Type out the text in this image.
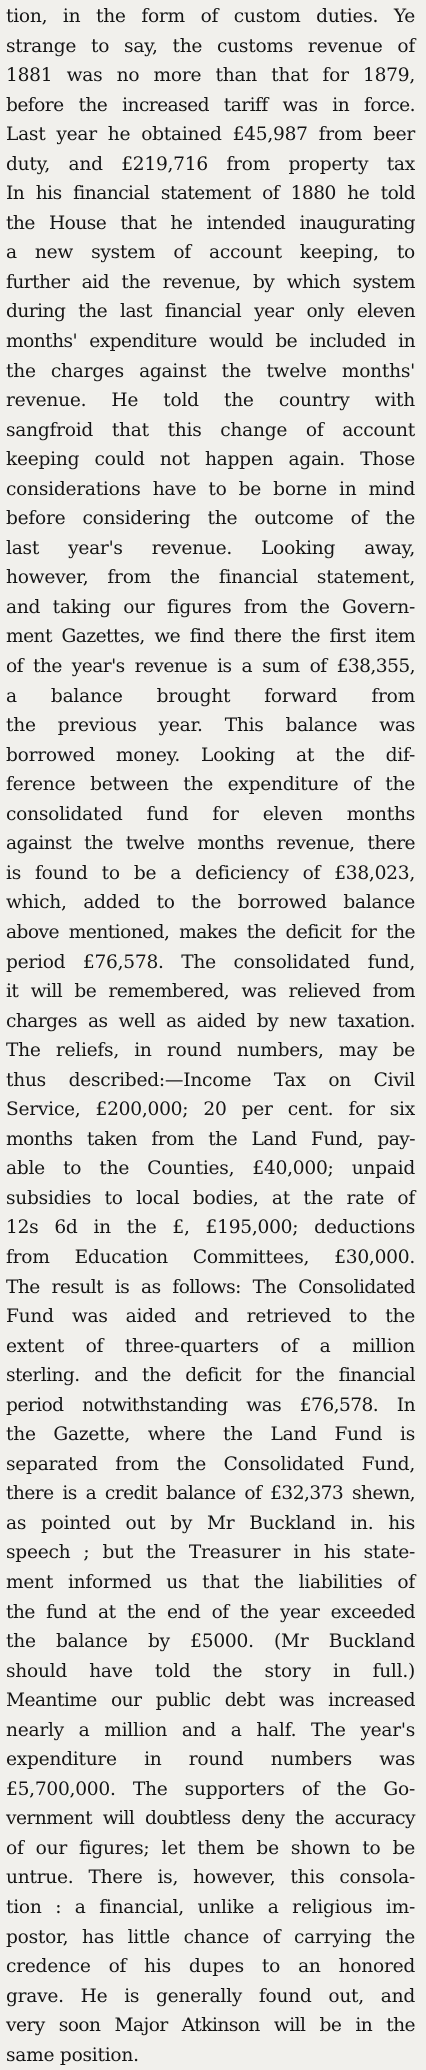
tion, in the form of custom duties. Ye
strange to say, the customs revenue of
1881 was no more than that for 1879,
before the increased tariff was in force.
Last year he obtained £45,987 from beer
duty, and £219,716 from property tax
In his financial statement of 1880 he told
the House that he intended inaugurating
a new system of account keeping, to
further aid the revenue, by which system
during the last financial year only eleven
months' expenditure would be included in
the charges against the twelve months'
revenue. He told the country with
sangfroid that this change of account
keeping could not happen again. Those
considerations have to be borne in mind
before considering the outcome of the
last year's revenue. Looking away,
however, from the financial statement,
and taking our figures from the Govern-
ment Gazettes, we find there the first item
of the year's revenue is a sum of £38,355,
a balance brought forward from
the previous year. This balance was
borrowed money. Looking at the dif-
ference between the expenditure of the
consolidated fund for eleven months
against the twelve months revenue, there
is found to be a deficiency of £38,023,
which, added to the borrowed balance
above mentioned, makes the deficit for the
period £76,578. The consolidated fund,
it will be remembered, was relieved from
charges as well as aided by new taxation.
The reliefs, in round numbers, may be
thus described:—Income Tax on Civil
Service, £200,000; 20 per cent. for six
months taken from the Land Fund, pay-
able to the Counties, £40,000; unpaid
subsidies to local bodies, at the rate of
12s 6d in the £, £195,000; deductions
from Education Committees, £30,000.
The result is as follows: The Consolidated
Fund was aided and retrieved to the
extent of three-quarters of a million
sterling. and the deficit for the financial
period notwithstanding was £76,578. In
the Gazette, where the Land Fund is
separated from the Consolidated Fund,
there is a credit balance of £32,373 shewn,
as pointed out by Mr Buckland in. his
speech ; but the Treasurer in his state-
ment informed us that the liabilities of
the fund at the end of the year exceeded
the balance by £5000. (Mr Buckland
should have told the story in full.)
Meantime our public debt was increased
nearly a million and a half. The year's
expenditure in round numbers was
£5,700,000. The supporters of the Go-
vernment will doubtless deny the accuracy
of our figures; let them be shown to be
untrue. There is, however, this consola-
tion : a financial, unlike a religious im-
postor, has little chance of carrying the
credence of his dupes to an honored
grave. He is generally found out, and
very soon Major Atkinson will be in the
same position.
